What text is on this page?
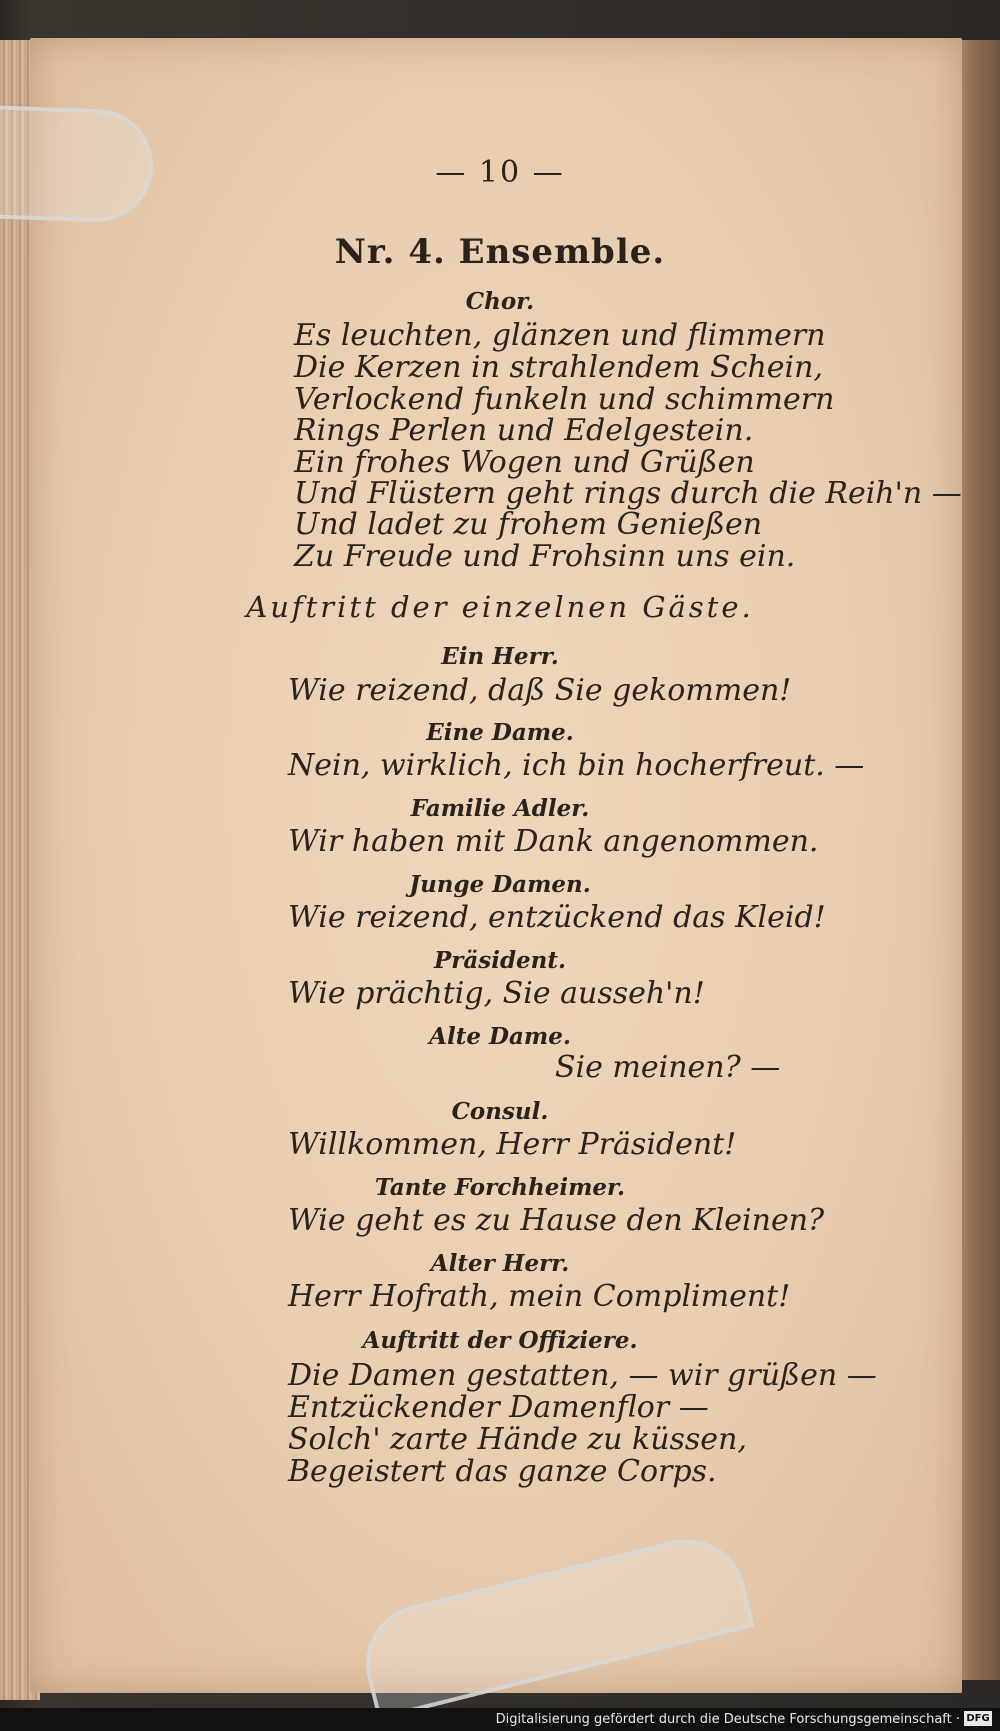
— 10 —
Nr. 4. Ensemble.
Chor.
Es leuchten, glänzen und flimmern
Die Kerzen in strahlendem Schein,
Verlockend funkeln und schimmern
Rings Perlen und Edelgestein.
Ein frohes Wogen und Grüßen
Und Flüstern geht rings durch die Reih'n —
Und ladet zu frohem Genießen
Zu Freude und Frohsinn uns ein.
Auftritt der einzelnen Gäste.
Ein Herr.
Wie reizend, daß Sie gekommen!
Eine Dame.
Nein, wirklich, ich bin hocherfreut. —
Familie Adler.
Wir haben mit Dank angenommen.
Junge Damen.
Wie reizend, entzückend das Kleid!
Präsident.
Wie prächtig, Sie ausseh'n!
Alte Dame.
Sie meinen? —
Consul.
Willkommen, Herr Präsident!
Tante Forchheimer.
Wie geht es zu Hause den Kleinen?
Alter Herr.
Herr Hofrath, mein Compliment!
Auftritt der Offiziere.
Die Damen gestatten, — wir grüßen —
Entzückender Damenflor —
Solch' zarte Hände zu küssen,
Begeistert das ganze Corps.
Digitalisierung gefördert durch die Deutsche Forschungsgemeinschaft · DFG
